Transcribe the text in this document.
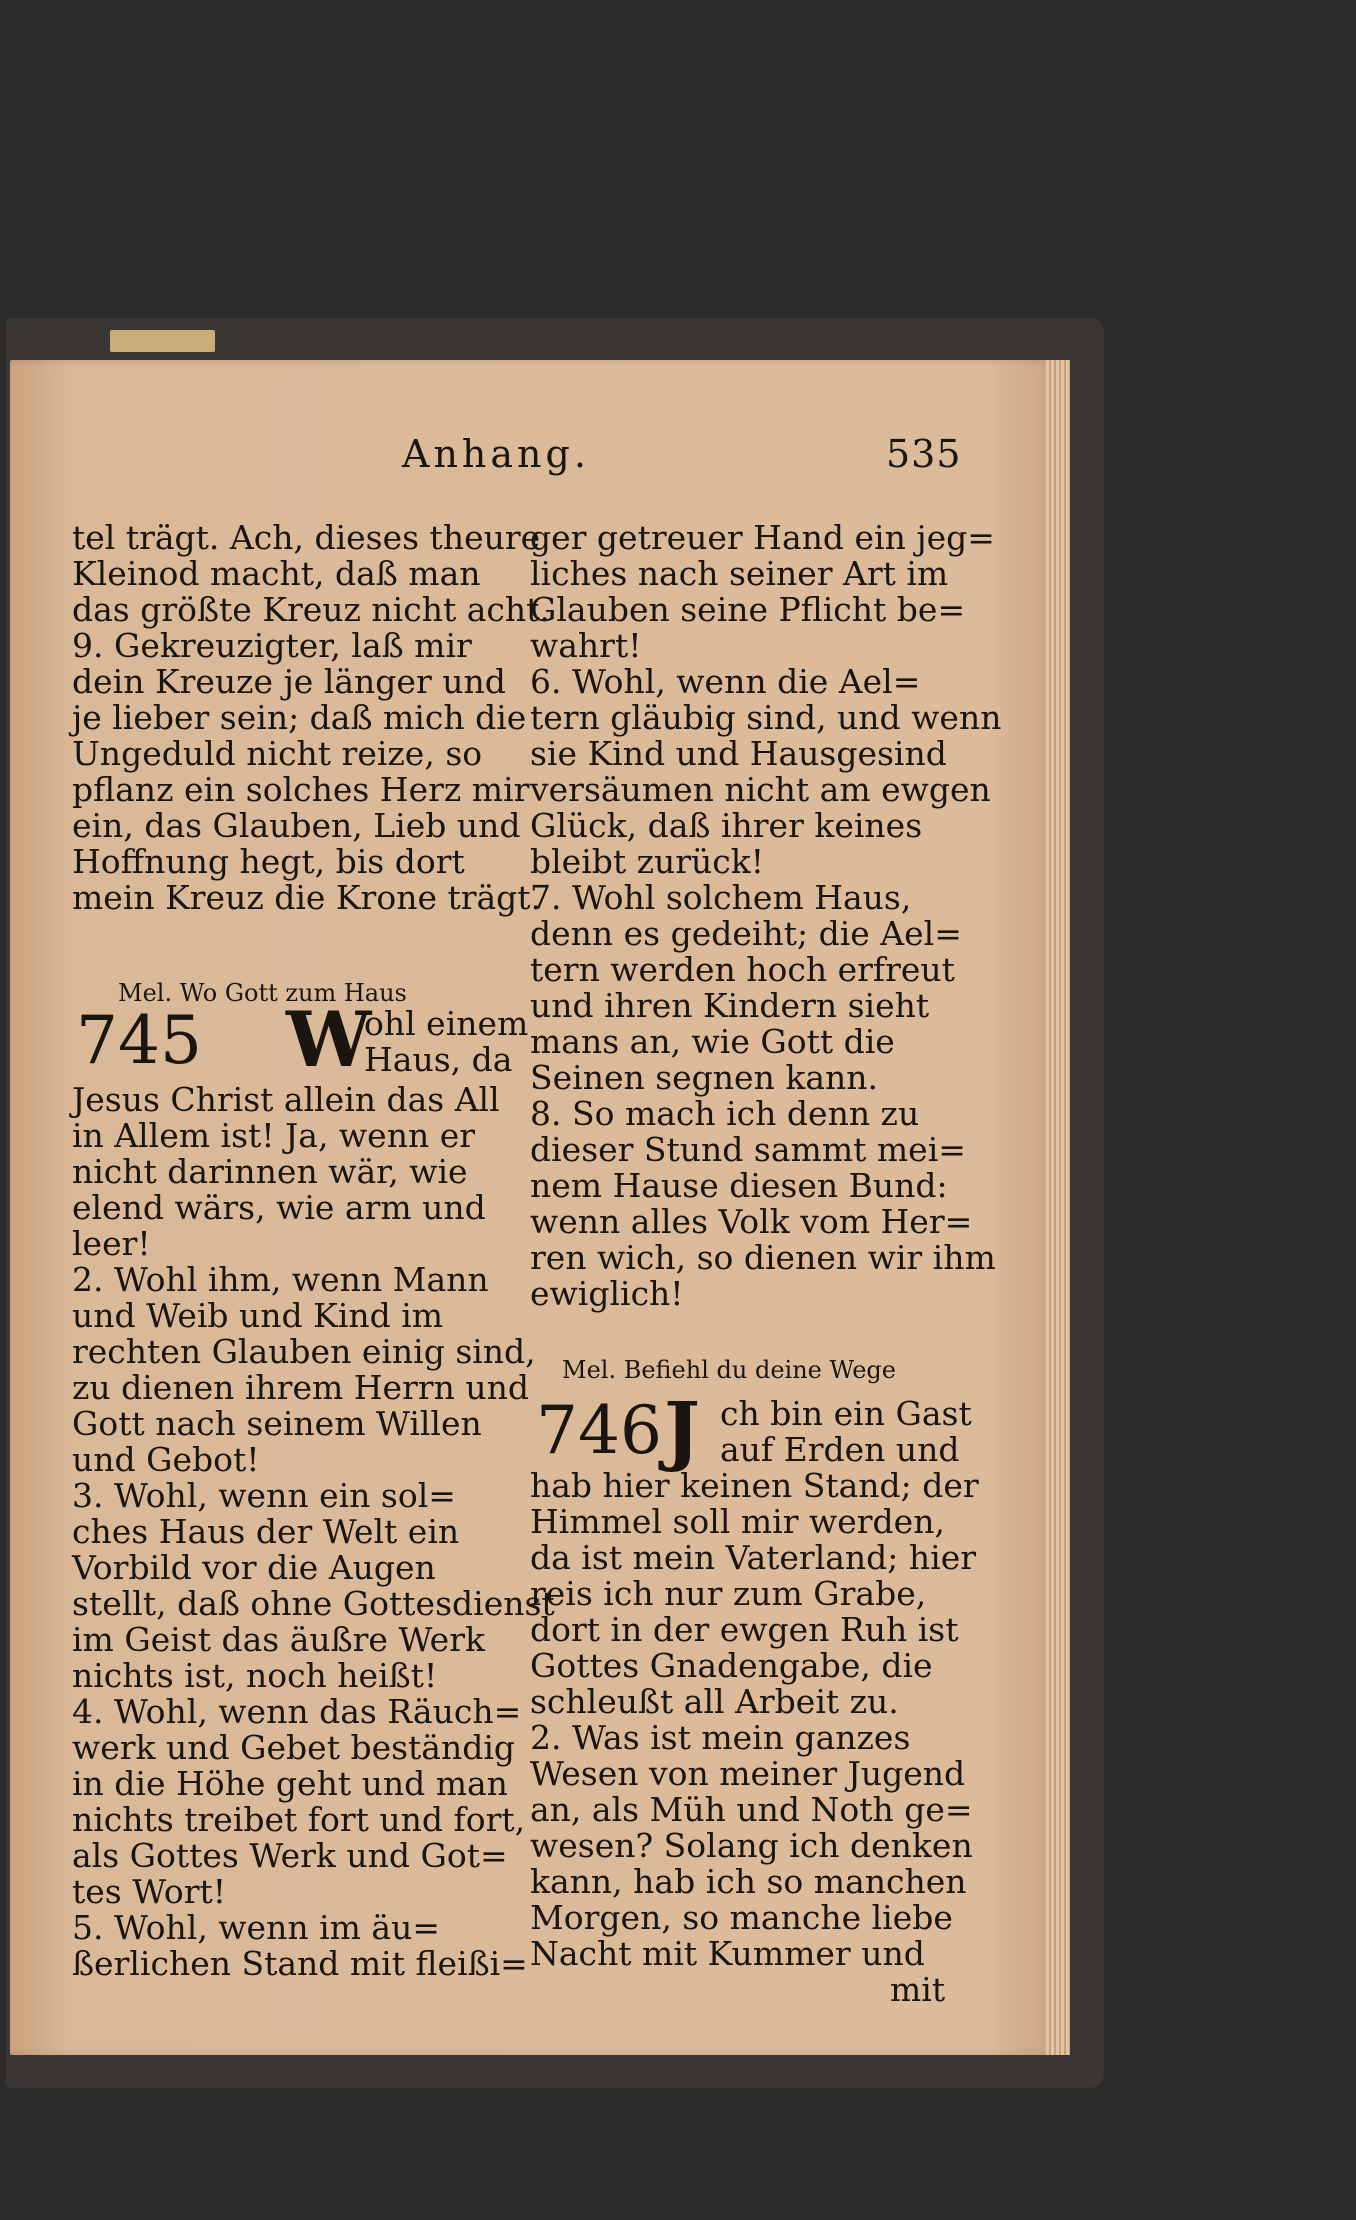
Anhang.	535
tel trägt. Ach, dieses theure
Kleinod macht, daß man
das größte Kreuz nicht acht.
9. Gekreuzigter, laß mir
dein Kreuze je länger und
je lieber sein; daß mich die
Ungeduld nicht reize, so
pflanz ein solches Herz mir
ein, das Glauben, Lieb und
Hoffnung hegt, bis dort
mein Kreuz die Krone trägt.
Mel. Wo Gott zum Haus
745 W
ohl einem
Haus, da
Jesus Christ allein das All
in Allem ist! Ja, wenn er
nicht darinnen wär, wie
elend wärs, wie arm und
leer!
2. Wohl ihm, wenn Mann
und Weib und Kind im
rechten Glauben einig sind,
zu dienen ihrem Herrn und
Gott nach seinem Willen
und Gebot!
3. Wohl, wenn ein sol=
ches Haus der Welt ein
Vorbild vor die Augen
stellt, daß ohne Gottesdienst
im Geist das äußre Werk
nichts ist, noch heißt!
4. Wohl, wenn das Räuch=
werk und Gebet beständig
in die Höhe geht und man
nichts treibet fort und fort,
als Gottes Werk und Got=
tes Wort!
5. Wohl, wenn im äu=
ßerlichen Stand mit fleißi=
ger getreuer Hand ein jeg=
liches nach seiner Art im
Glauben seine Pflicht be=
wahrt!
6. Wohl, wenn die Ael=
tern gläubig sind, und wenn
sie Kind und Hausgesind
versäumen nicht am ewgen
Glück, daß ihrer keines
bleibt zurück!
7. Wohl solchem Haus,
denn es gedeiht; die Ael=
tern werden hoch erfreut
und ihren Kindern sieht
mans an, wie Gott die
Seinen segnen kann.
8. So mach ich denn zu
dieser Stund sammt mei=
nem Hause diesen Bund:
wenn alles Volk vom Her=
ren wich, so dienen wir ihm
ewiglich!
Mel. Befiehl du deine Wege
746 J ch bin ein Gast
auf Erden und
hab hier keinen Stand; der
Himmel soll mir werden,
da ist mein Vaterland; hier
reis ich nur zum Grabe,
dort in der ewgen Ruh ist
Gottes Gnadengabe, die
schleußt all Arbeit zu.
2. Was ist mein ganzes
Wesen von meiner Jugend
an, als Müh und Noth ge=
wesen? Solang ich denken
kann, hab ich so manchen
Morgen, so manche liebe
Nacht mit Kummer und
mit
